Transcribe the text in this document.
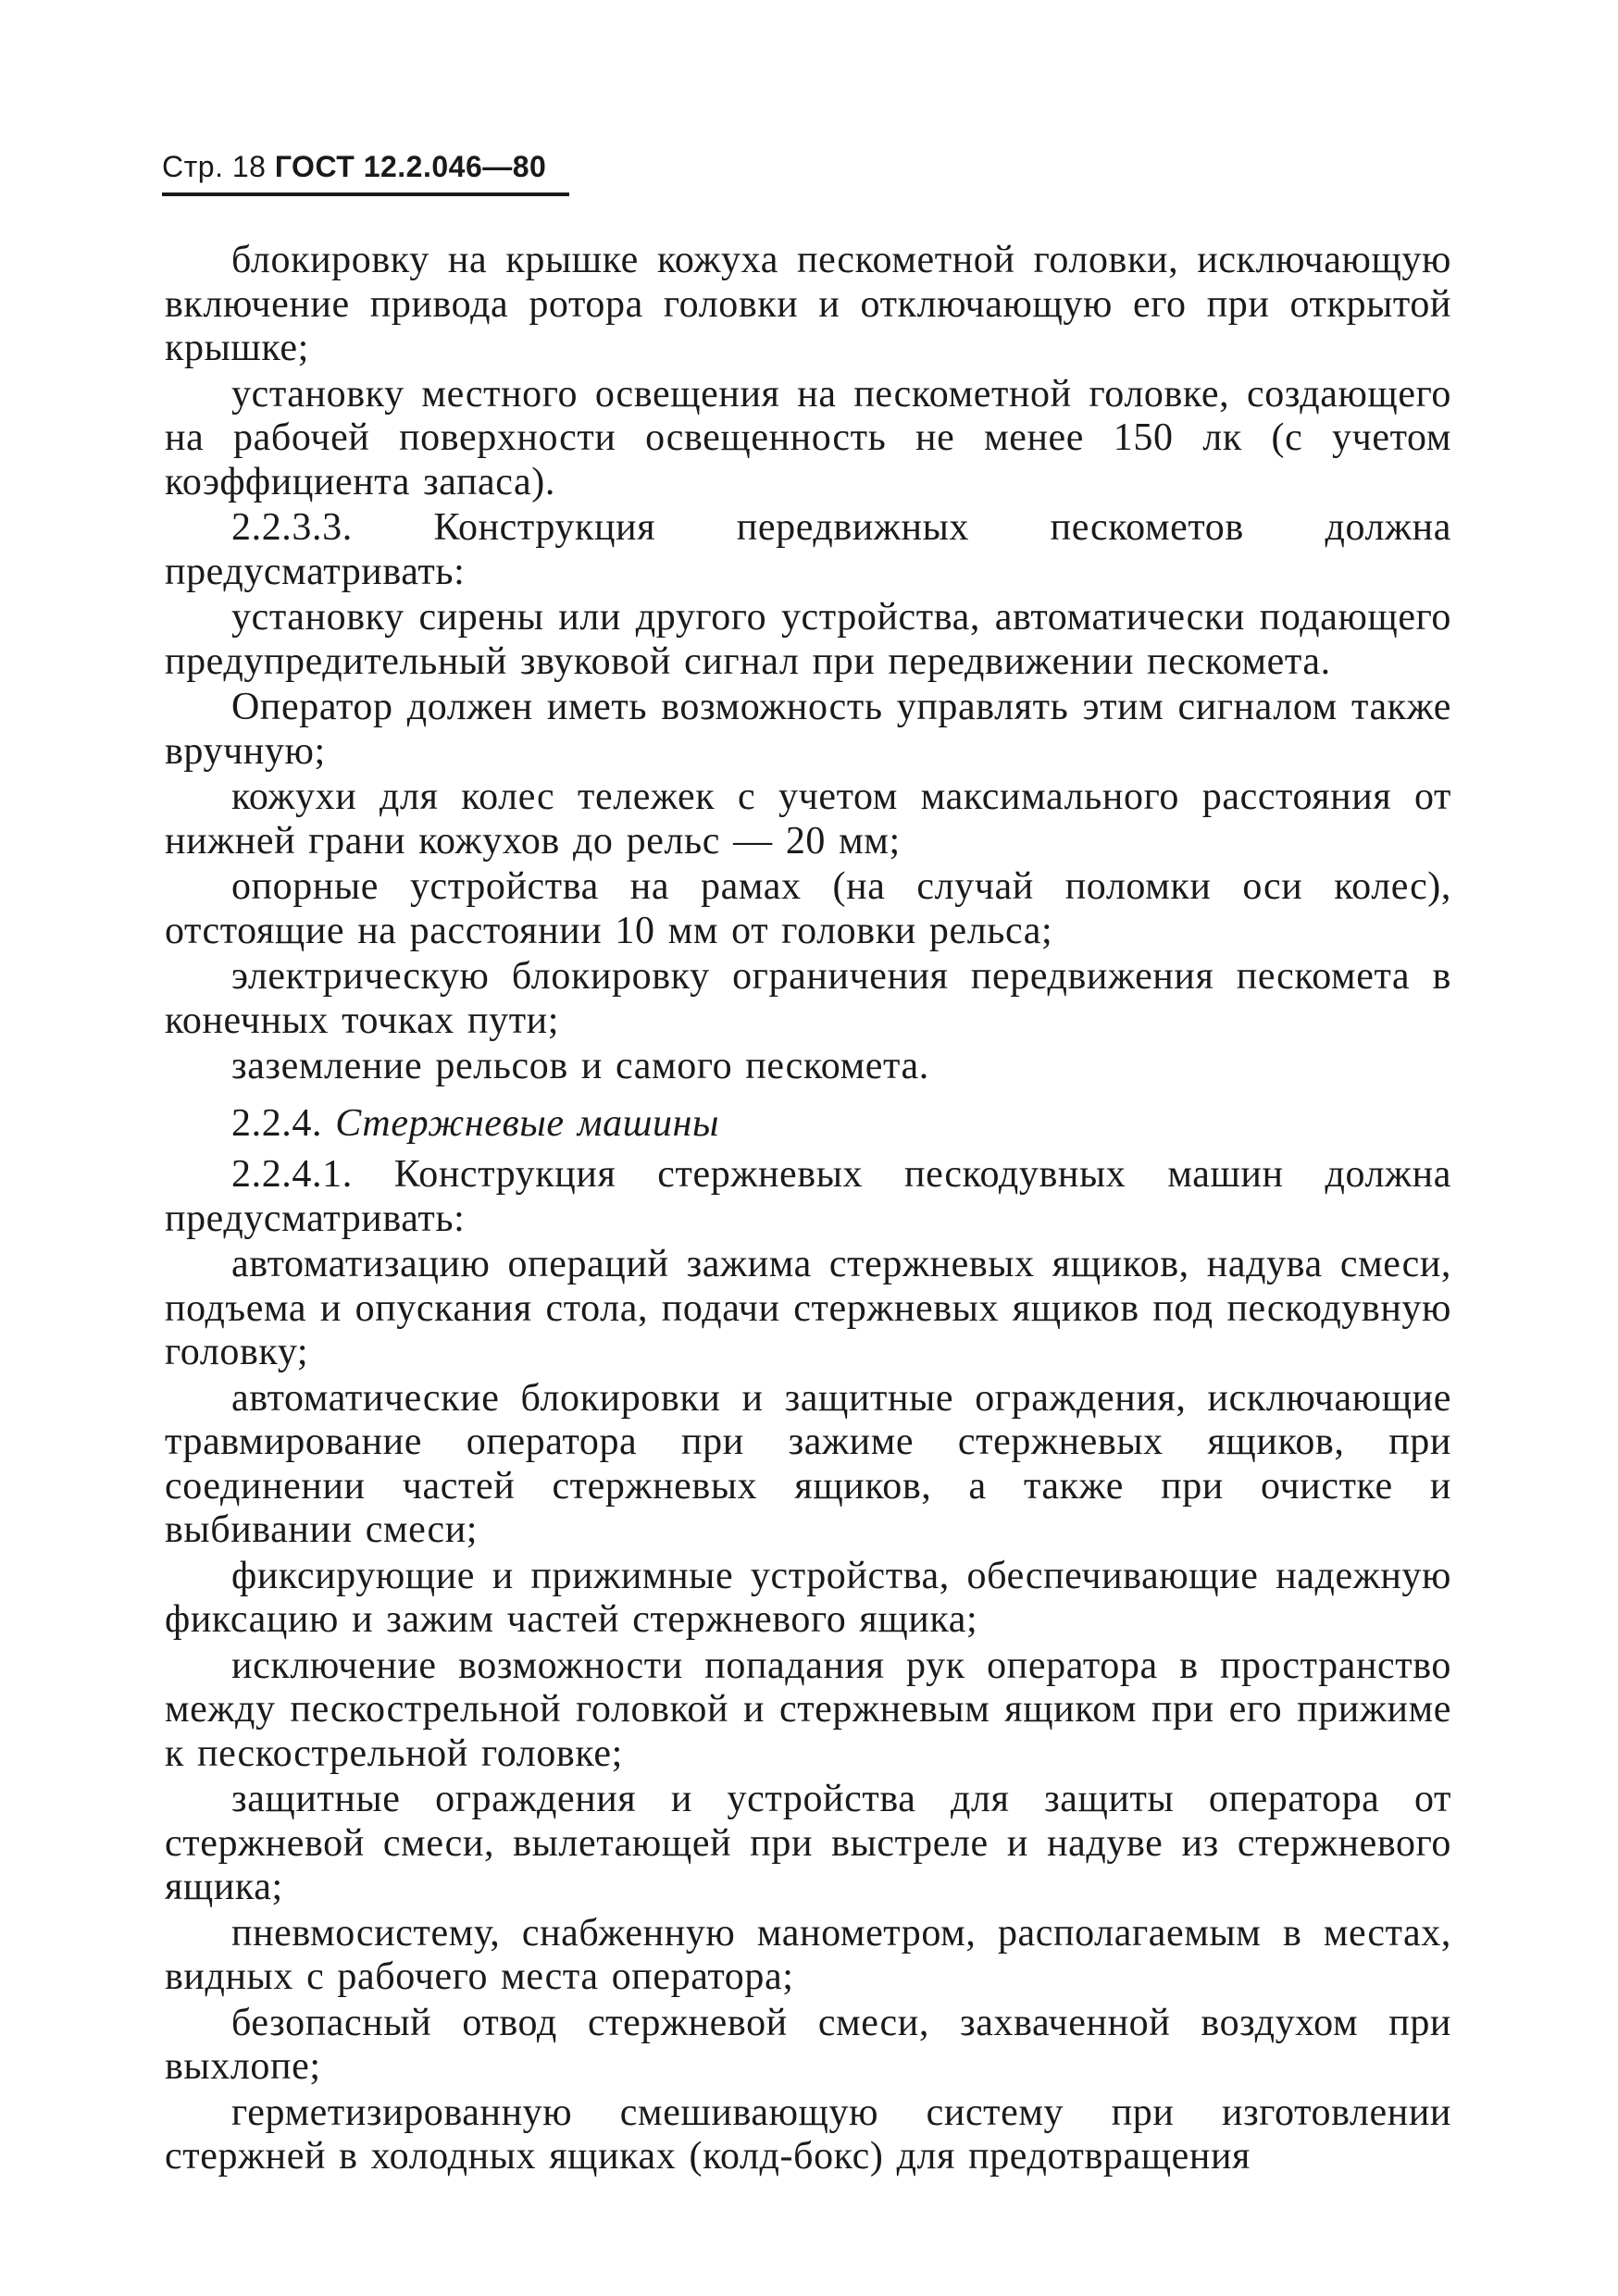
Стр. 18 ГОСТ 12.2.046—80

блокировку на крышке кожуха пескометной головки, исключающую включение привода ротора головки и отключающую его при открытой крышке;

установку местного освещения на пескометной головке, создающего на рабочей поверхности освещенность не менее 150 лк (с учетом коэффициента запаса).

2.2.3.3. Конструкция передвижных пескометов должна предусматривать:

установку сирены или другого устройства, автоматически подающего предупредительный звуковой сигнал при передвижении пескомета.

Оператор должен иметь возможность управлять этим сигналом также вручную;

кожухи для колес тележек с учетом максимального расстояния от нижней грани кожухов до рельс — 20 мм;

опорные устройства на рамах (на случай поломки оси колес), отстоящие на расстоянии 10 мм от головки рельса;

электрическую блокировку ограничения передвижения пескомета в конечных точках пути;

заземление рельсов и самого пескомета.

2.2.4. Стержневые машины

2.2.4.1. Конструкция стержневых пескодувных машин должна предусматривать:

автоматизацию операций зажима стержневых ящиков, надува смеси, подъема и опускания стола, подачи стержневых ящиков под пескодувную головку;

автоматические блокировки и защитные ограждения, исключающие травмирование оператора при зажиме стержневых ящиков, при соединении частей стержневых ящиков, а также при очистке и выбивании смеси;

фиксирующие и прижимные устройства, обеспечивающие надежную фиксацию и зажим частей стержневого ящика;

исключение возможности попадания рук оператора в пространство между пескострельной головкой и стержневым ящиком при его прижиме к пескострельной головке;

защитные ограждения и устройства для защиты оператора от стержневой смеси, вылетающей при выстреле и надуве из стержневого ящика;

пневмосистему, снабженную манометром, располагаемым в местах, видных с рабочего места оператора;

безопасный отвод стержневой смеси, захваченной воздухом при выхлопе;

герметизированную смешивающую систему при изготовлении стержней в холодных ящиках (колд-бокс) для предотвращения
